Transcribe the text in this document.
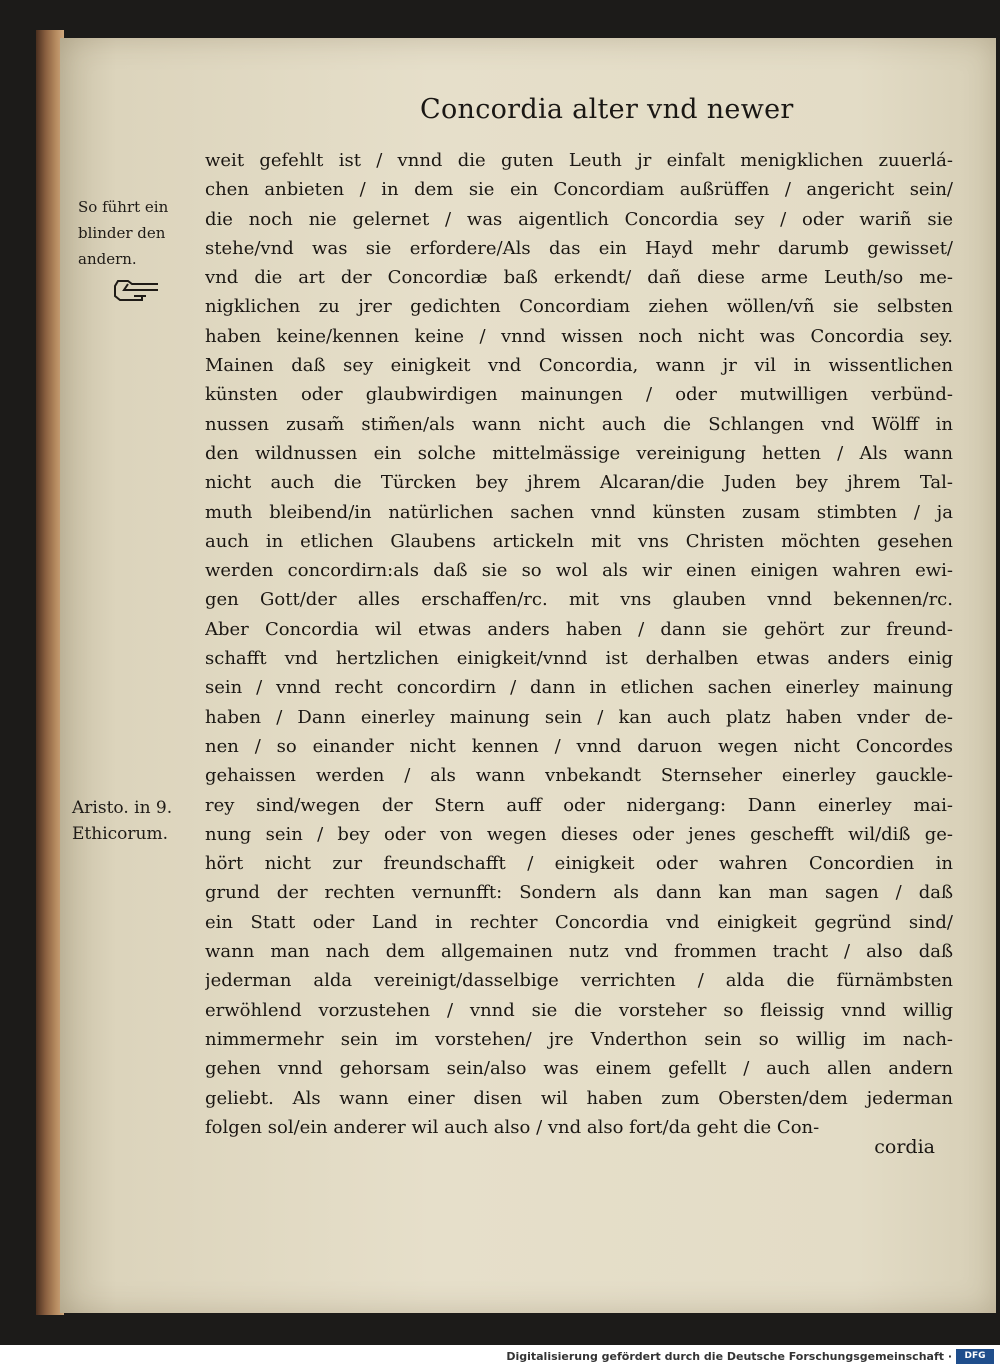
Concordia alter vnd newer
So führt ein
blinder den
andern.
Aristo. in 9.
Ethicorum.
weit gefehlt ist / vnnd die guten Leuth jr einfalt menigklichen zuuerlá-
chen anbieten / in dem sie ein Concordiam außrüffen / angericht sein/
die noch nie gelernet / was aigentlich Concordia sey / oder wariñ sie
stehe/vnd was sie erfordere/Als das ein Hayd mehr darumb gewisset/
vnd die art der Concordiæ baß erkendt/ dañ diese arme Leuth/so me-
nigklichen zu jrer gedichten Concordiam ziehen wöllen/vñ sie selbsten
haben keine/kennen keine / vnnd wissen noch nicht was Concordia sey.
Mainen daß sey einigkeit vnd Concordia, wann jr vil in wissentlichen
künsten oder glaubwirdigen mainungen / oder mutwilligen verbünd-
nussen zusam̃ stim̃en/als wann nicht auch die Schlangen vnd Wölff in
den wildnussen ein solche mittelmässige vereinigung hetten / Als wann
nicht auch die Türcken bey jhrem Alcaran/die Juden bey jhrem Tal-
muth bleibend/in natürlichen sachen vnnd künsten zusam stimbten / ja
auch in etlichen Glaubens artickeln mit vns Christen möchten gesehen
werden concordirn:als daß sie so wol als wir einen einigen wahren ewi-
gen Gott/der alles erschaffen/rc. mit vns glauben vnnd bekennen/rc.
Aber Concordia wil etwas anders haben / dann sie gehört zur freund-
schafft vnd hertzlichen einigkeit/vnnd ist derhalben etwas anders einig
sein / vnnd recht concordirn / dann in etlichen sachen einerley mainung
haben / Dann einerley mainung sein / kan auch platz haben vnder de-
nen / so einander nicht kennen / vnnd daruon wegen nicht Concordes
gehaissen werden / als wann vnbekandt Sternseher einerley gauckle-
rey sind/wegen der Stern auff oder nidergang: Dann einerley mai-
nung sein / bey oder von wegen dieses oder jenes geschefft wil/diß ge-
hört nicht zur freundschafft / einigkeit oder wahren Concordien in
grund der rechten vernunfft: Sondern als dann kan man sagen / daß
ein Statt oder Land in rechter Concordia vnd einigkeit gegründ sind/
wann man nach dem allgemainen nutz vnd frommen tracht / also daß
jederman alda vereinigt/dasselbige verrichten / alda die fürnämbsten
erwöhlend vorzustehen / vnnd sie die vorsteher so fleissig vnnd willig
nimmermehr sein im vorstehen/ jre Vnderthon sein so willig im nach-
gehen vnnd gehorsam sein/also was einem gefellt / auch allen andern
geliebt. Als wann einer disen wil haben zum Obersten/dem jederman
folgen sol/ein anderer wil auch also / vnd also fort/da geht die Con-
cordia
Digitalisierung gefördert durch die Deutsche Forschungsgemeinschaft ·	DFG
